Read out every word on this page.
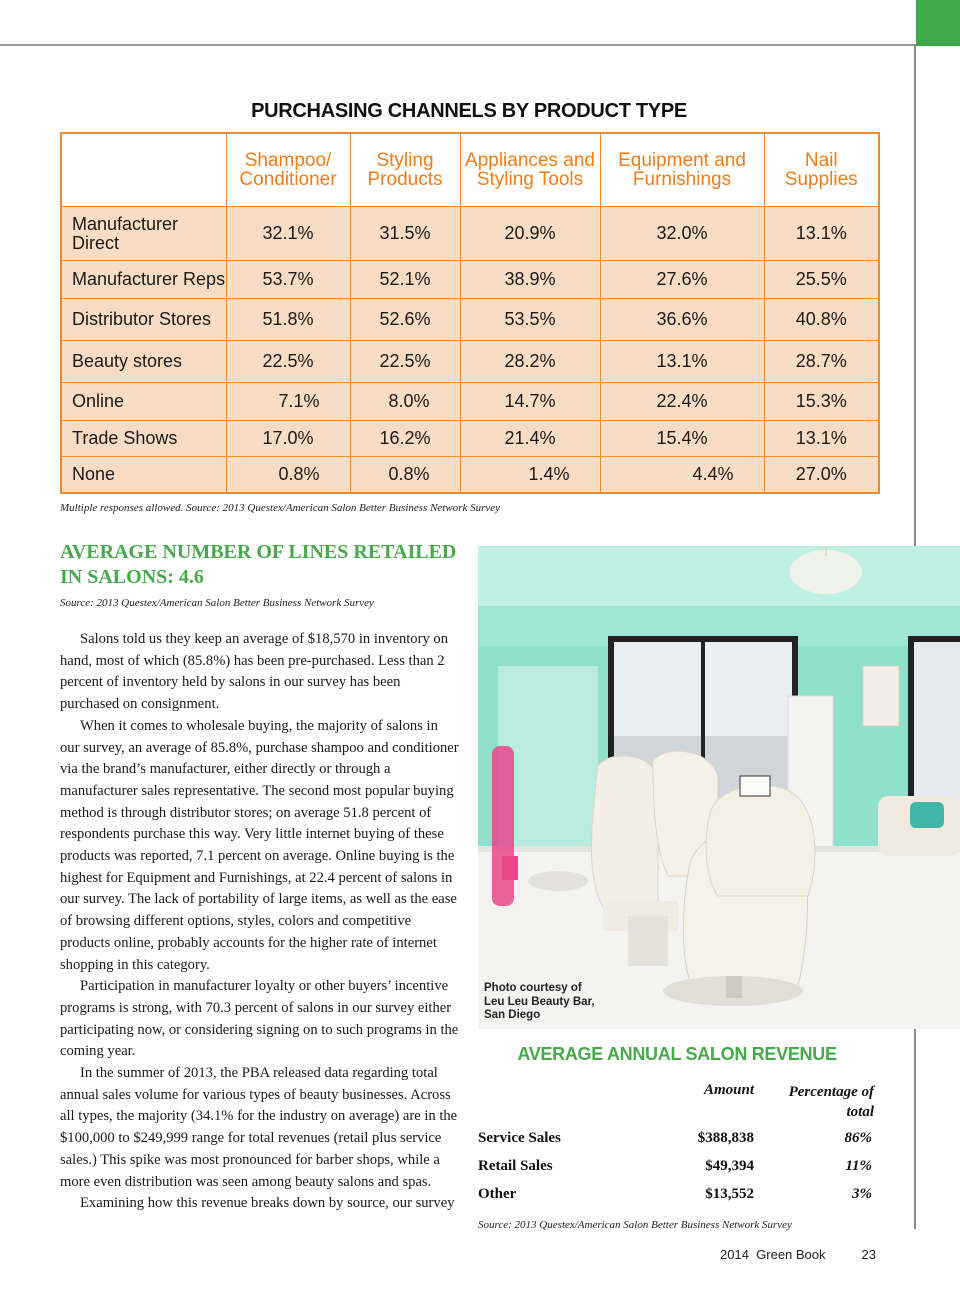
PURCHASING CHANNELS BY PRODUCT TYPE
	Shampoo/ Conditioner	Styling Products	Appliances and Styling Tools	Equipment and Furnishings	Nail Supplies
Manufacturer Direct	32.1%	31.5%	20.9%	32.0%	13.1%
Manufacturer Reps	53.7%	52.1%	38.9%	27.6%	25.5%
Distributor Stores	51.8%	52.6%	53.5%	36.6%	40.8%
Beauty stores	22.5%	22.5%	28.2%	13.1%	28.7%
Online	7.1%	8.0%	14.7%	22.4%	15.3%
Trade Shows	17.0%	16.2%	21.4%	15.4%	13.1%
None	0.8%	0.8%	1.4%	4.4%	27.0%
Multiple responses allowed. Source: 2013 Questex/American Salon Better Business Network Survey
AVERAGE NUMBER OF LINES RETAILED IN SALONS: 4.6
Source: 2013 Questex/American Salon Better Business Network Survey

Salons told us they keep an average of $18,570 in inventory on hand, most of which (85.8%) has been pre-purchased. Less than 2 percent of inventory held by salons in our survey has been purchased on consignment.

When it comes to wholesale buying, the majority of salons in our survey, an average of 85.8%, purchase shampoo and conditioner via the brand’s manufacturer, either directly or through a manufacturer sales representative. The second most popular buying method is through distributor stores; on average 51.8 percent of respondents purchase this way. Very little internet buying of these products was reported, 7.1 percent on average. Online buying is the highest for Equipment and Furnishings, at 22.4 percent of salons in our survey. The lack of portability of large items, as well as the ease of browsing different options, styles, colors and competitive products online, probably accounts for the higher rate of internet shopping in this category.

Participation in manufacturer loyalty or other buyers’ incentive programs is strong, with 70.3 percent of salons in our survey either participating now, or considering signing on to such programs in the coming year.

In the summer of 2013, the PBA released data regarding total annual sales volume for various types of beauty businesses. Across all types, the majority (34.1% for the industry on average) are in the $100,000 to $249,999 range for total revenues (retail plus service sales.) This spike was most pronounced for barber shops, while a more even distribution was seen among beauty salons and spas.

Examining how this revenue breaks down by source, our survey

Photo courtesy of Leu Leu Beauty Bar, San Diego
AVERAGE ANNUAL SALON REVENUE
Amount	Percentage of total
Service Sales	$388,838	86%
Retail Sales	$49,394	11%
Other	$13,552	3%
Source: 2013 Questex/American Salon Better Business Network Survey
2014  Green Book	23
